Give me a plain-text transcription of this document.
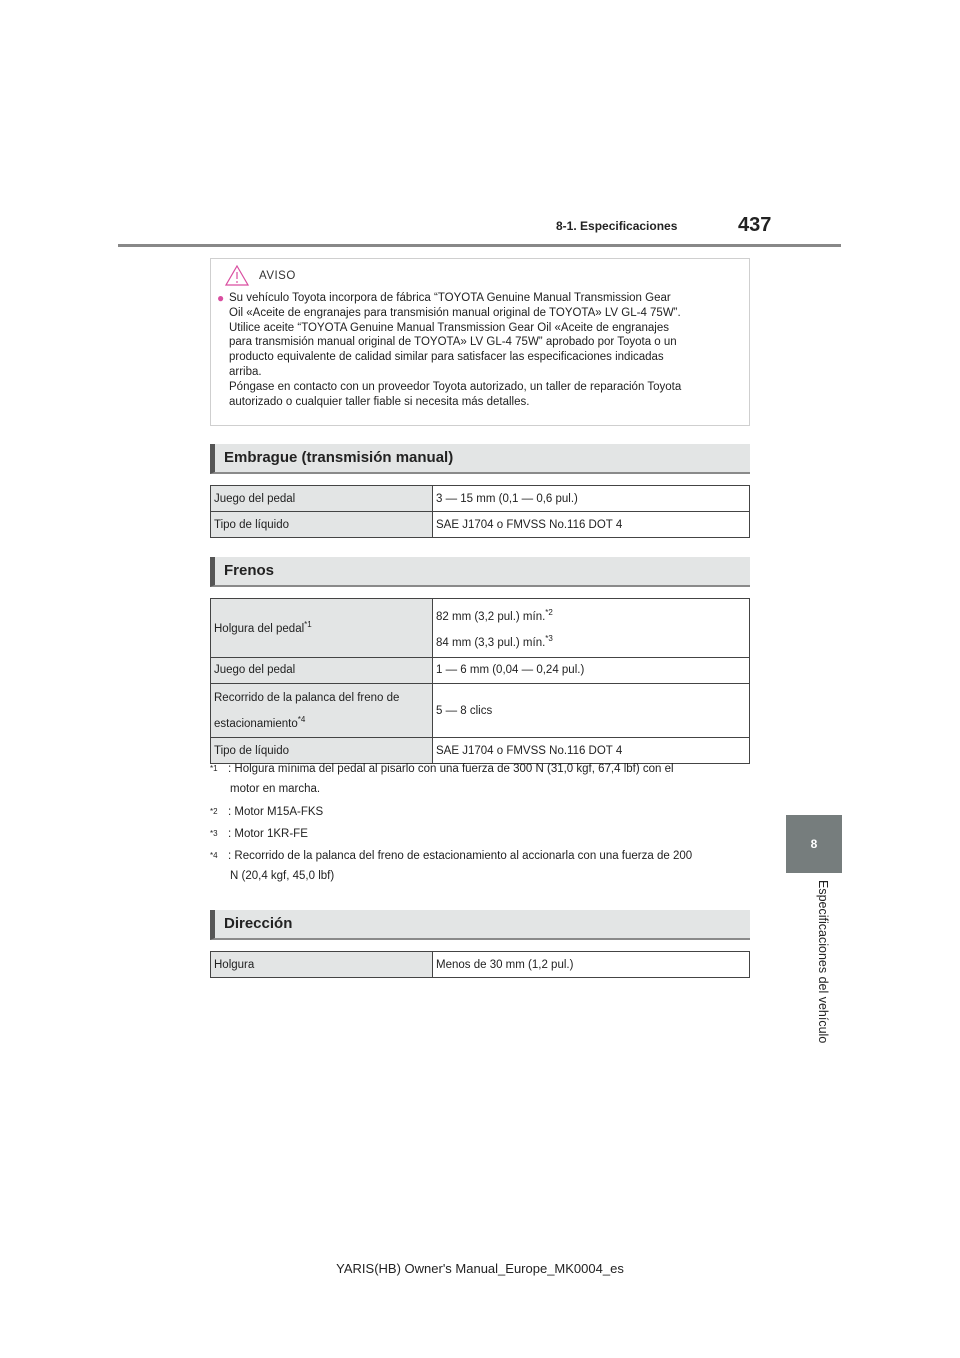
8-1. Especificaciones	437
8
Especificaciones del vehículo
AVISO
● Su vehículo Toyota incorpora de fábrica “TOYOTA Genuine Manual Transmission Gear
Oil «Aceite de engranajes para transmisión manual original de TOYOTA» LV GL-4 75W”.
Utilice aceite “TOYOTA Genuine Manual Transmission Gear Oil «Aceite de engranajes
para transmisión manual original de TOYOTA» LV GL-4 75W” aprobado por Toyota o un
producto equivalente de calidad similar para satisfacer las especificaciones indicadas
arriba.
Póngase en contacto con un proveedor Toyota autorizado, un taller de reparación Toyota
autorizado o cualquier taller fiable si necesita más detalles.
Embrague (transmisión manual)
Juego del pedal	3 — 15 mm (0,1 — 0,6 pul.)
Tipo de líquido	SAE J1704 o FMVSS No.116 DOT 4
Frenos
Holgura del pedal$^{*1}$	82 mm (3,2 pul.) mín.$^{*2}$
84 mm (3,3 pul.) mín.$^{*3}$

Juego del pedal	1 — 6 mm (0,04 — 0,24 pul.)

Recorrido de la palanca del freno de
estacionamiento$^{*4}$	5 — 8 clics
Tipo de líquido	SAE J1704 o FMVSS No.116 DOT 4
$^{*1}$ : Holgura mínima del pedal al pisarlo con una fuerza de 300 N (31,0 kgf, 67,4 lbf) con el
motor en marcha.
$^{*2}$ : Motor M15A-FKS
$^{*3}$ : Motor 1KR-FE
$^{*4}$ : Recorrido de la palanca del freno de estacionamiento al accionarla con una fuerza de 200
N (20,4 kgf, 45,0 lbf)
Dirección
Holgura	Menos de 30 mm (1,2 pul.)
YARIS(HB) Owner's Manual_Europe_MK0004_es
